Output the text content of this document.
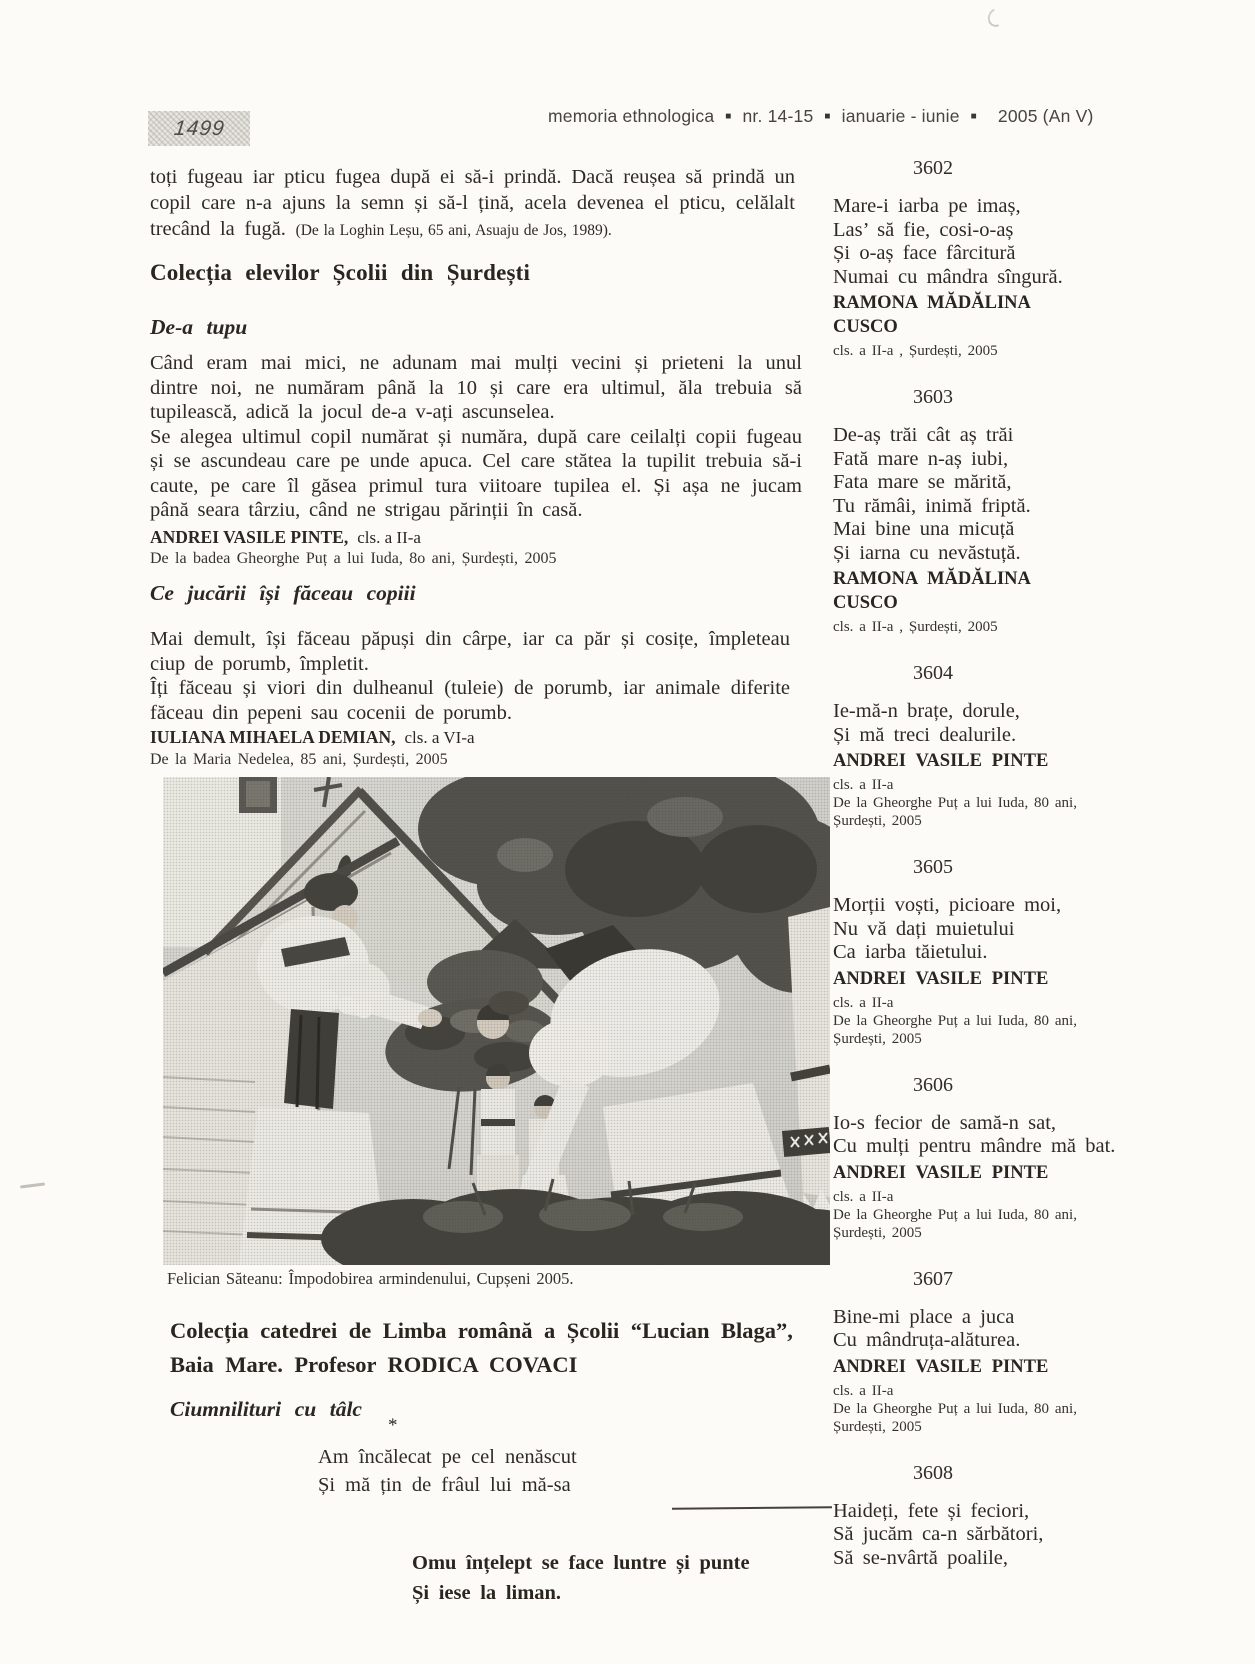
memoria ethnologica ■ nr. 14-15 ■ ianuarie - iunie ■ 2005 (An V)
1499
toți fugeau iar pticu fugea după ei să-i prindă. Dacă reușea să prindă un copil care n-a ajuns la semn și să-l țină, acela devenea el pticu, celălalt trecând la fugă. (De la Loghin Leșu, 65 ani, Asuaju de Jos, 1989).
Colecția elevilor Școlii din Șurdești
De-a tupu
Când eram mai mici, ne adunam mai mulți vecini și prieteni la unul dintre noi, ne număram până la 10 și care era ultimul, ăla trebuia să tupilească, adică la jocul de-a v-ați ascunselea.
Se alegea ultimul copil numărat și număra, după care ceilalți copii fugeau și se ascundeau care pe unde apuca. Cel care stătea la tupilit trebuia să-i caute, pe care îl găsea primul tura viitoare tupilea el. Și așa ne jucam până seara târziu, când ne strigau părinții în casă.
ANDREI VASILE PINTE, cls. a II-a
De la badea Gheorghe Puț a lui Iuda, 8o ani, Șurdești, 2005
Ce jucării își făceau copiii
Mai demult, își făceau păpuși din cârpe, iar ca păr și cosițe, împleteau ciup de porumb, împletit.
Îți făceau și viori din dulheanul (tuleie) de porumb, iar animale diferite făceau din pepeni sau cocenii de porumb.
IULIANA MIHAELA DEMIAN, cls. a VI-a
De la Maria Nedelea, 85 ani, Șurdești, 2005
Felician Săteanu: Împodobirea armindenului, Cupșeni 2005.
Colecția catedrei de Limba română a Școlii “Lucian Blaga”, Baia Mare. Profesor RODICA COVACI
Ciumnilituri cu tâlc
*
Am încălecat pe cel nenăscut
Și mă țin de frâul lui mă-sa
Omu înțelept se face luntre și punte
Și iese la liman.
3602
Mare-i iarba pe imaș,
Las’ să fie, cosi-o-aș
Și o-aș face fârcitură
Numai cu mândra sîngură.
RAMONA MĂDĂLINA
CUSCO
cls. a II-a , Șurdești, 2005
3603
De-aș trăi cât aș trăi
Fată mare n-aș iubi,
Fata mare se mărită,
Tu rămâi, inimă friptă.
Mai bine una micuță
Și iarna cu nevăstuță.
RAMONA MĂDĂLINA
CUSCO
cls. a II-a , Șurdești, 2005
3604
Ie-mă-n brațe, dorule,
Și mă treci dealurile.
ANDREI VASILE PINTE
cls. a II-a
De la Gheorghe Puț a lui Iuda, 80 ani,
Șurdești, 2005
3605
Morții voști, picioare moi,
Nu vă dați muietului
Ca iarba tăietului.
ANDREI VASILE PINTE
cls. a II-a
De la Gheorghe Puț a lui Iuda, 80 ani,
Șurdești, 2005
3606
Io-s fecior de samă-n sat,
Cu mulți pentru mândre mă bat.
ANDREI VASILE PINTE
cls. a II-a
De la Gheorghe Puț a lui Iuda, 80 ani,
Șurdești, 2005
3607
Bine-mi place a juca
Cu mândruța-alăturea.
ANDREI VASILE PINTE
cls. a II-a
De la Gheorghe Puț a lui Iuda, 80 ani,
Șurdești, 2005
3608
Haideți, fete și feciori,
Să jucăm ca-n sărbători,
Să se-nvârtă poalile,
